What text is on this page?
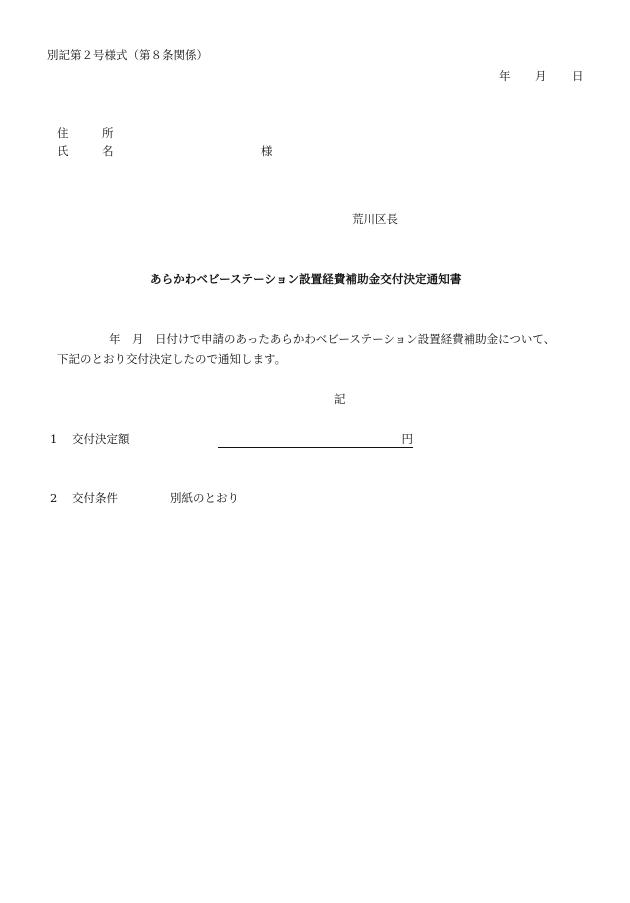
別記第２号様式（第８条関係）
年 月 日
住	所
氏	名	様
荒川区長
あらかわベビーステーション設置経費補助金交付決定通知書
年　月　日付けで申請のあったあらかわベビーステーション設置経費補助金について、
下記のとおり交付決定したので通知します。
記
1 交付決定額	円
2 交付条件	別紙のとおり
